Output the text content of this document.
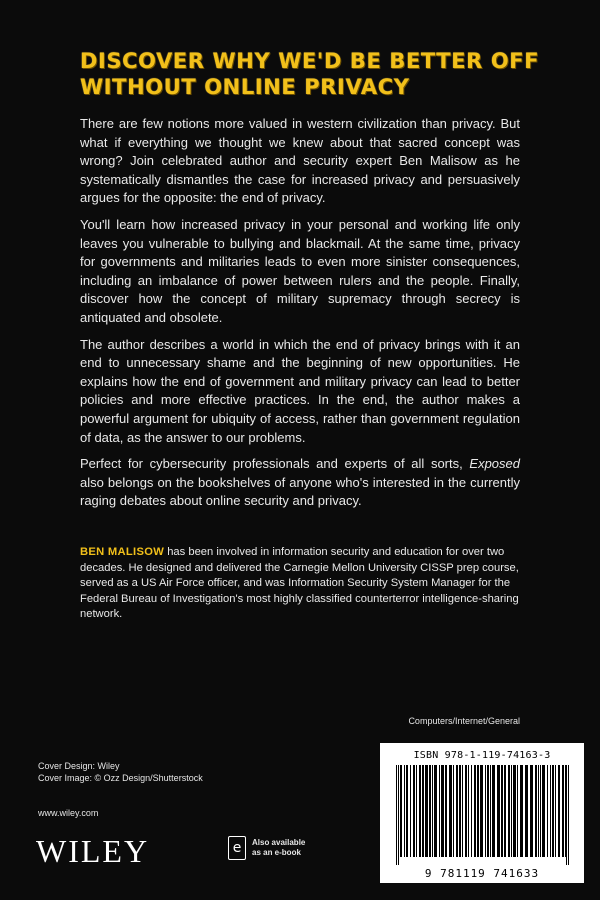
DISCOVER WHY WE'D BE BETTER OFF
WITHOUT ONLINE PRIVACY

There are few notions more valued in western civilization than privacy. But what if everything we thought we knew about that sacred concept was wrong? Join celebrated author and security expert Ben Malisow as he systematically dismantles the case for increased privacy and persuasively argues for the opposite: the end of privacy.

You'll learn how increased privacy in your personal and working life only leaves you vulnerable to bullying and blackmail. At the same time, privacy for governments and militaries leads to even more sinister consequences, including an imbalance of power between rulers and the people. Finally, discover how the concept of military supremacy through secrecy is antiquated and obsolete.

The author describes a world in which the end of privacy brings with it an end to unnecessary shame and the beginning of new opportunities. He explains how the end of government and military privacy can lead to better policies and more effective practices. In the end, the author makes a powerful argument for ubiquity of access, rather than government regulation of data, as the answer to our problems.

Perfect for cybersecurity professionals and experts of all sorts, Exposed also belongs on the bookshelves of anyone who's interested in the currently raging debates about online security and privacy.

BEN MALISOW has been involved in information security and education for over two decades. He designed and delivered the Carnegie Mellon University CISSP prep course, served as a US Air Force officer, and was Information Security System Manager for the Federal Bureau of Investigation's most highly classified counterterror intelligence-sharing network.
Computers/Internet/General
Cover Design: Wiley
Cover Image: © Ozz Design/Shutterstock
www.wiley.com
WILEY	e	Also available
as an e-book
ISBN 978-1-119-74163-3
9 781119 741633
